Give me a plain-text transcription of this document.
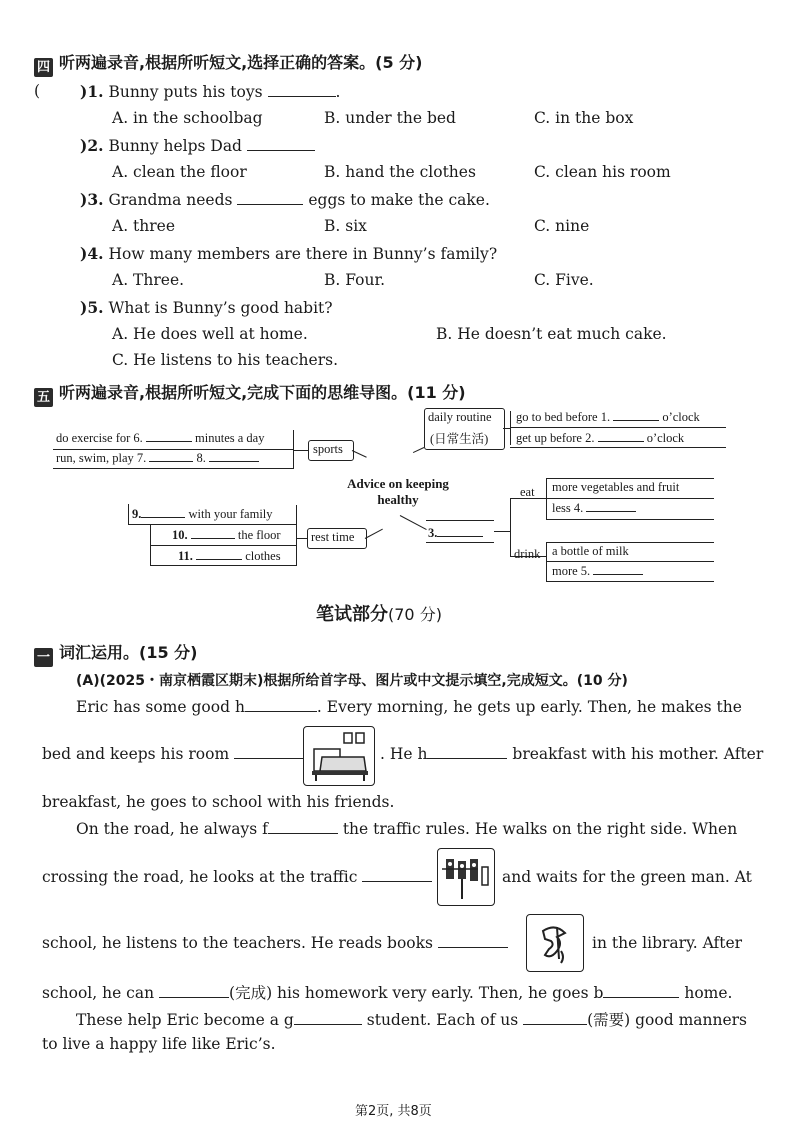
四 听两遍录音,根据所听短文,选择正确的答案。(5 分)
(	)1. Bunny puts his toys	.
A. in the schoolbag	B. under the bed	C. in the box
)2. Bunny helps Dad
A. clean the floor	B. hand the clothes	C. clean his room
)3. Grandma needs	eggs to make the cake.
A. three	B. six	C. nine
)4. How many members are there in Bunny’s family?
A. Three.	B. Four.	C. Five.
)5. What is Bunny’s good habit?
A. He does well at home.	B. He doesn’t eat much cake.
C. He listens to his teachers.
五 听两遍录音,根据所听短文,完成下面的思维导图。(11 分)
Advice on keeping
healthy
daily routine
(日常生活)
go to bed before 1.	o’clock
get up before 2.	o’clock
sports
do exercise for 6.	minutes a day
run, swim, play 7.	8.
rest time
9.	with your family
10.	the floor
11.	clothes
3.
eat
drink
more vegetables and fruit
less 4.
a bottle of milk
more 5.
笔试部分(70 分)
一 词汇运用。(15 分)
(A)(2025・南京栖霞区期末)根据所给首字母、图片或中文提示填空,完成短文。(10 分)
Eric has some good h	. Every morning, he gets up early. Then, he makes the
bed and keeps his room	. He h	breakfast with his mother. After
breakfast, he goes to school with his friends.
On the road, he always f	the traffic rules. He walks on the right side. When
crossing the road, he looks at the traffic	and waits for the green man. At
school, he listens to the teachers. He reads books	in the library. After
school, he can	(完成) his homework very early. Then, he goes b	home.
These help Eric become a g	student. Each of us	(需要) good manners
to live a happy life like Eric’s.
第2页, 共8页
